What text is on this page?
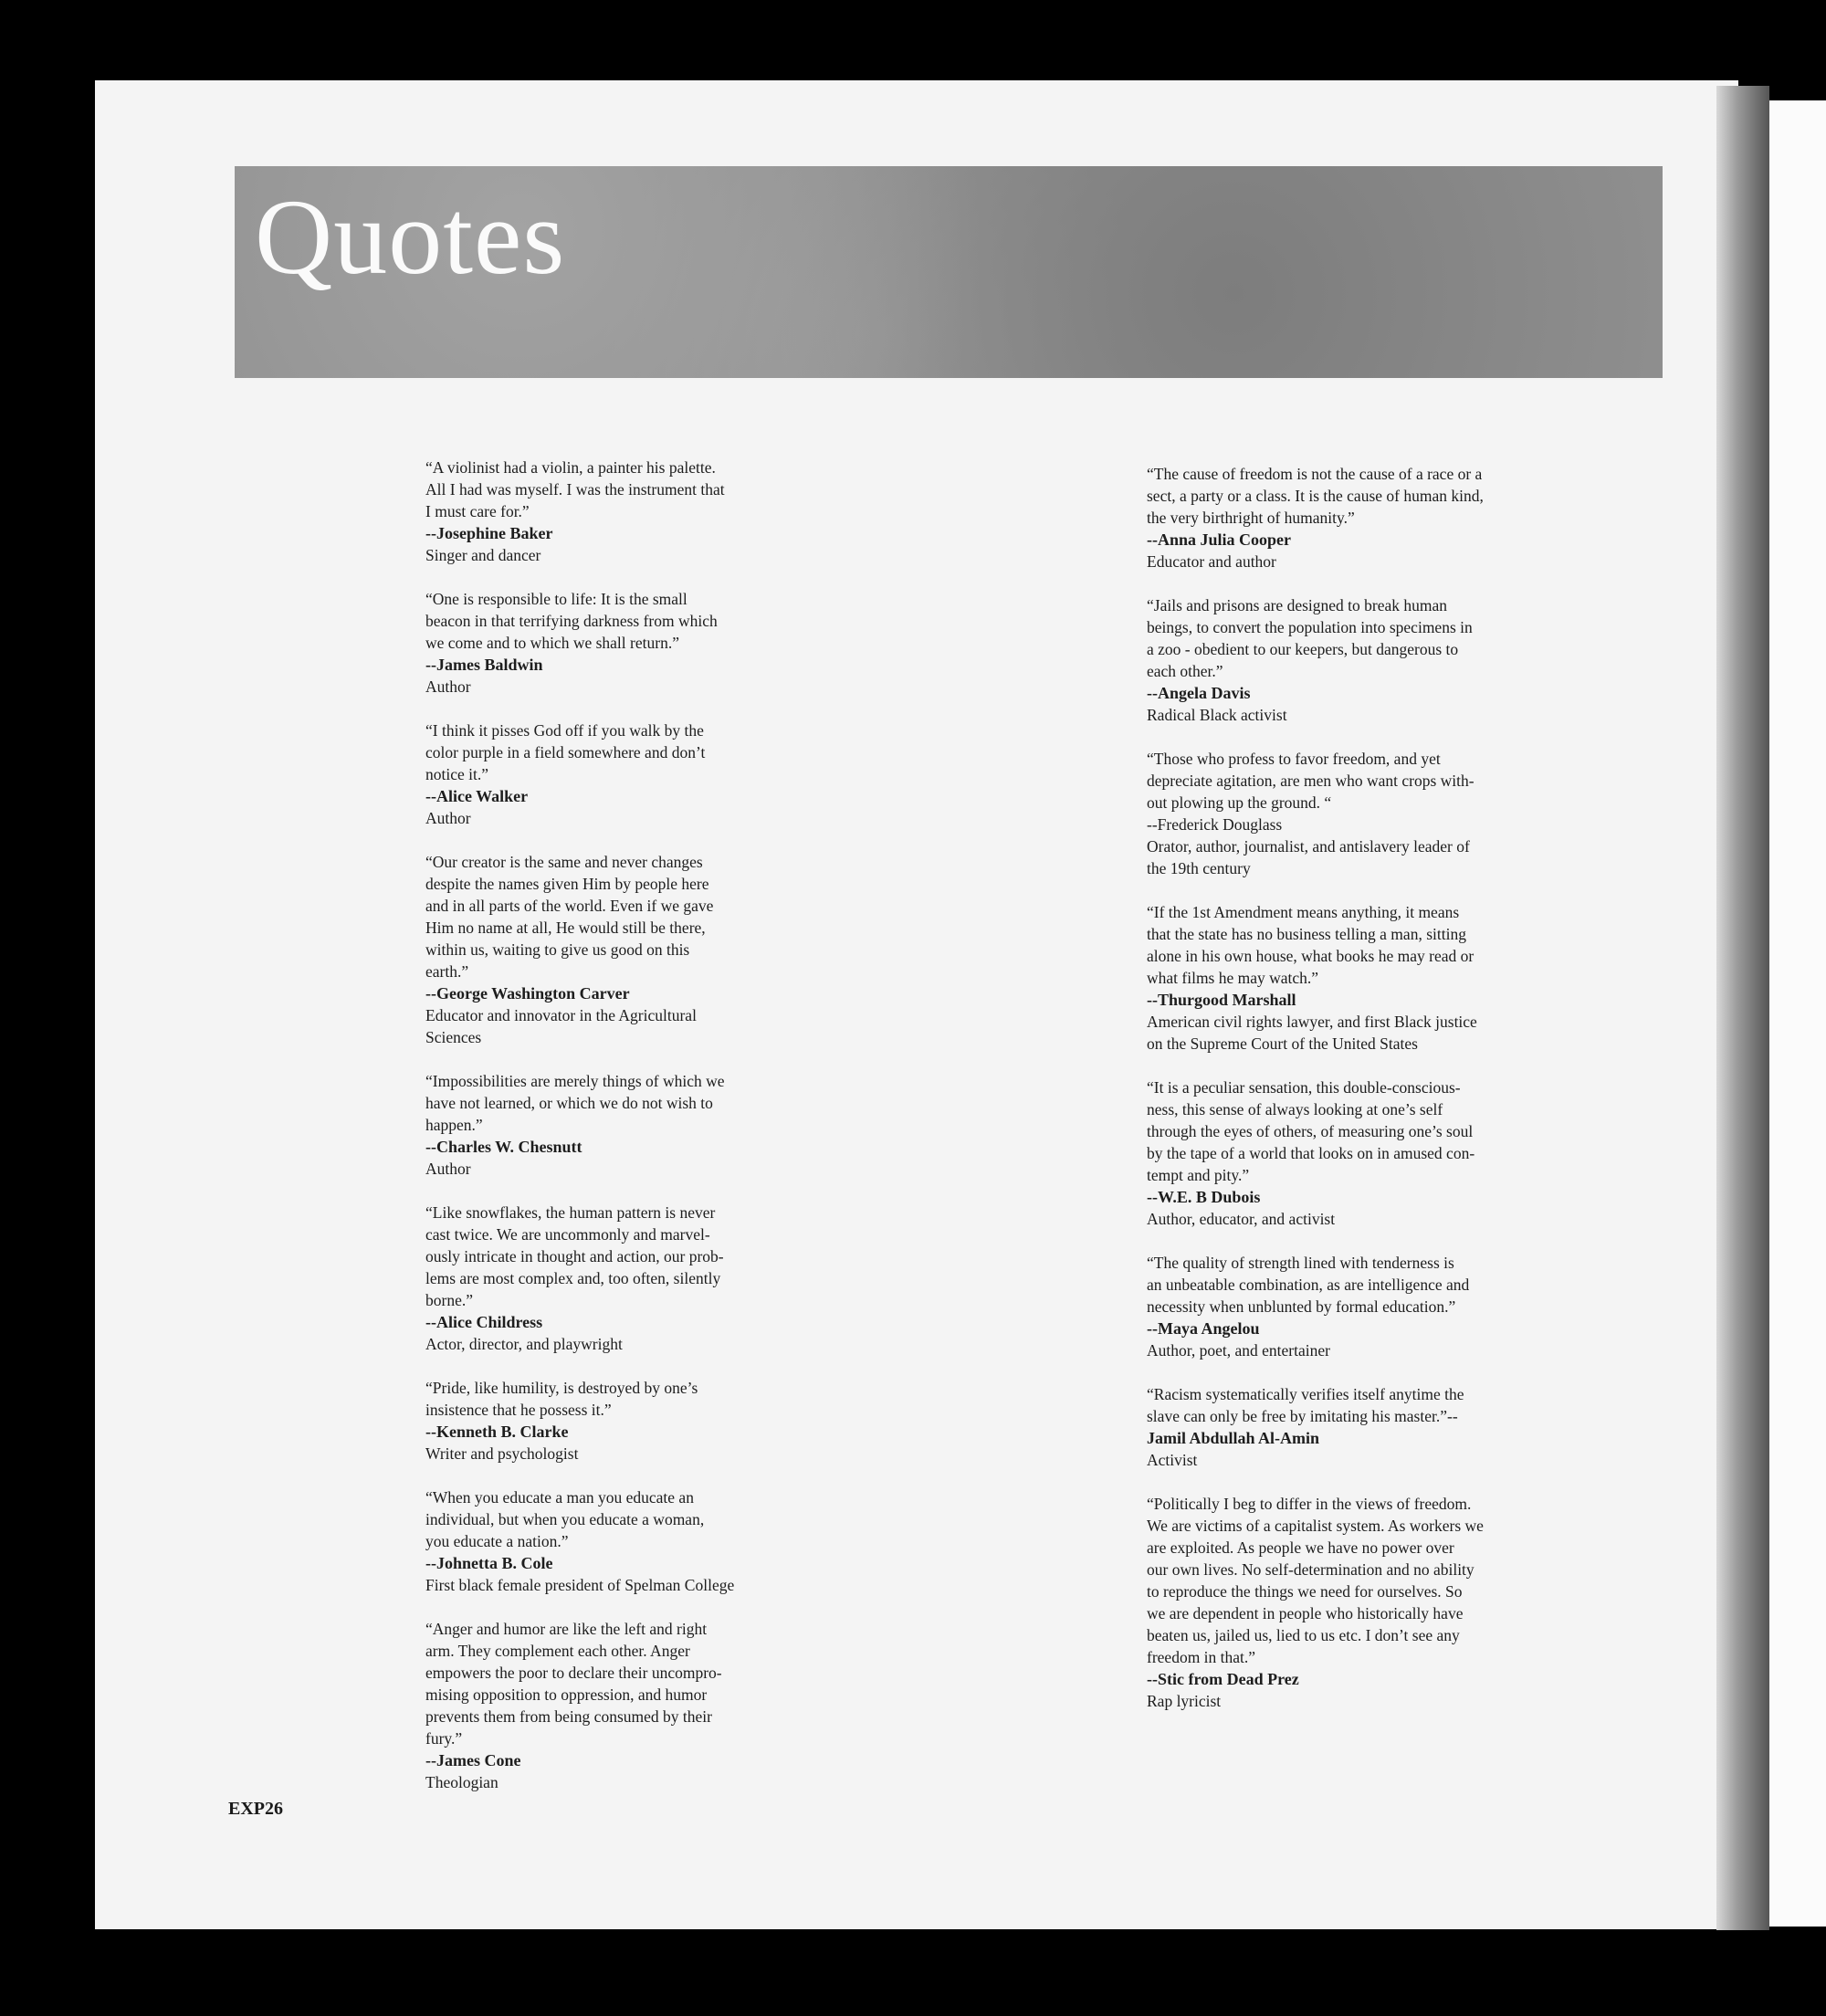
Quotes
“A violinist had a violin, a painter his palette.
All I had was myself. I was the instrument that
I must care for.”
--Josephine Baker
Singer and dancer
“One is responsible to life: It is the small
beacon in that terrifying darkness from which
we come and to which we shall return.”
--James Baldwin
Author
“I think it pisses God off if you walk by the
color purple in a field somewhere and don’t
notice it.”
--Alice Walker
Author
“Our creator is the same and never changes
despite the names given Him by people here
and in all parts of the world. Even if we gave
Him no name at all, He would still be there,
within us, waiting to give us good on this
earth.”
--George Washington Carver
Educator and innovator in the Agricultural
Sciences
“Impossibilities are merely things of which we
have not learned, or which we do not wish to
happen.”
--Charles W. Chesnutt
Author
“Like snowflakes, the human pattern is never
cast twice. We are uncommonly and marvel-
ously intricate in thought and action, our prob-
lems are most complex and, too often, silently
borne.”
--Alice Childress
Actor, director, and playwright
“Pride, like humility, is destroyed by one’s
insistence that he possess it.”
--Kenneth B. Clarke
Writer and psychologist
“When you educate a man you educate an
individual, but when you educate a woman,
you educate a nation.”
--Johnetta B. Cole
First black female president of Spelman College
“Anger and humor are like the left and right
arm. They complement each other. Anger
empowers the poor to declare their uncompro-
mising opposition to oppression, and humor
prevents them from being consumed by their
fury.”
--James Cone
Theologian
“The cause of freedom is not the cause of a race or a
sect, a party or a class. It is the cause of human kind,
the very birthright of humanity.”
--Anna Julia Cooper
Educator and author
“Jails and prisons are designed to break human
beings, to convert the population into specimens in
a zoo - obedient to our keepers, but dangerous to
each other.”
--Angela Davis
Radical Black activist
“Those who profess to favor freedom, and yet
depreciate agitation, are men who want crops with-
out plowing up the ground. “
--Frederick Douglass
Orator, author, journalist, and antislavery leader of
the 19th century
“If the 1st Amendment means anything, it means
that the state has no business telling a man, sitting
alone in his own house, what books he may read or
what films he may watch.”
--Thurgood Marshall
American civil rights lawyer, and first Black justice
on the Supreme Court of the United States
“It is a peculiar sensation, this double-conscious-
ness, this sense of always looking at one’s self
through the eyes of others, of measuring one’s soul
by the tape of a world that looks on in amused con-
tempt and pity.”
--W.E. B Dubois
Author, educator, and activist
“The quality of strength lined with tenderness is
an unbeatable combination, as are intelligence and
necessity when unblunted by formal education.”
--Maya Angelou
Author, poet, and entertainer
“Racism systematically verifies itself anytime the
slave can only be free by imitating his master.”--
Jamil Abdullah Al-Amin
Activist
“Politically I beg to differ in the views of freedom.
We are victims of a capitalist system. As workers we
are exploited. As people we have no power over
our own lives. No self-determination and no ability
to reproduce the things we need for ourselves. So
we are dependent in people who historically have
beaten us, jailed us, lied to us etc. I don’t see any
freedom in that.”
--Stic from Dead Prez
Rap lyricist
EXP26
